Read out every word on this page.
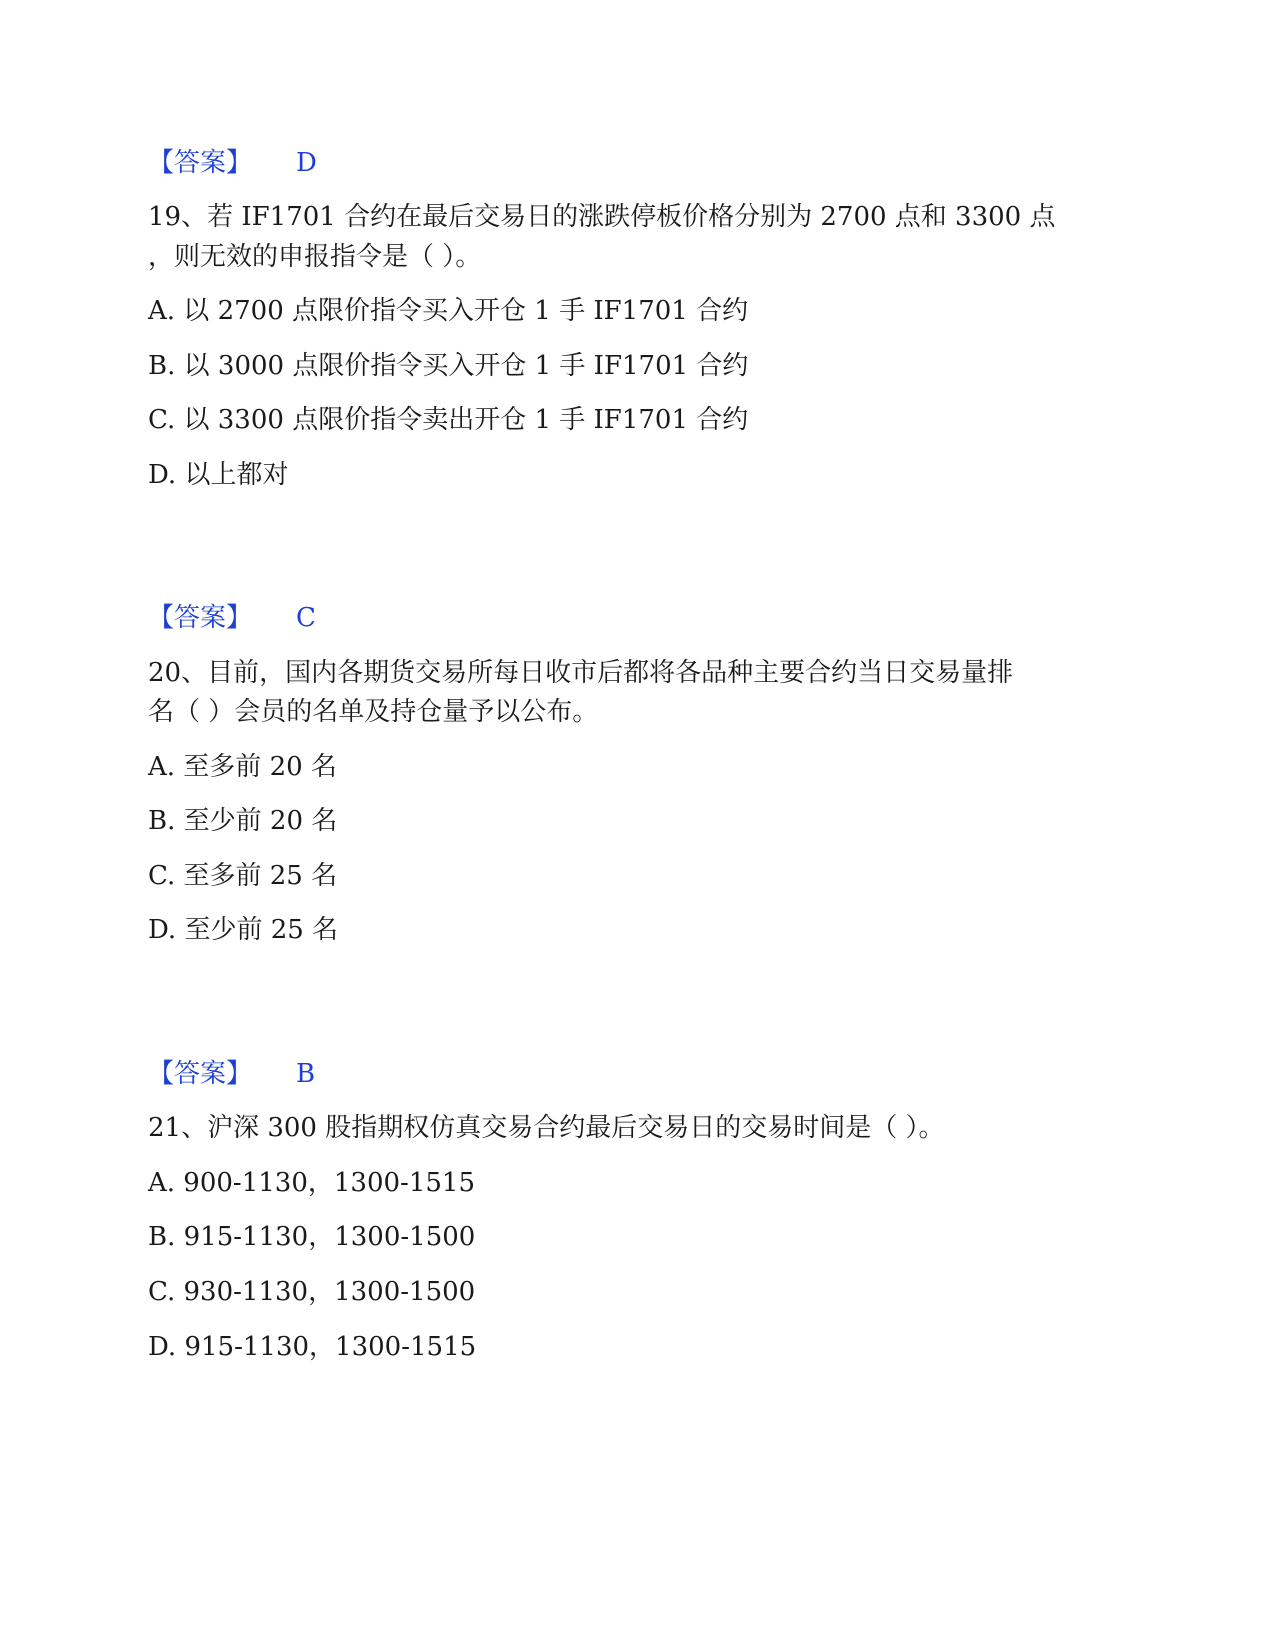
【答案】 D
19、若 IF1701 合约在最后交易日的涨跌停板价格分别为 2700 点和 3300 点
，则无效的申报指令是（ ）。
A. 以 2700 点限价指令买入开仓 1 手 IF1701 合约
B. 以 3000 点限价指令买入开仓 1 手 IF1701 合约
C. 以 3300 点限价指令卖出开仓 1 手 IF1701 合约
D. 以上都对
【答案】 C
20、目前，国内各期货交易所每日收市后都将各品种主要合约当日交易量排
名（ ）会员的名单及持仓量予以公布。
A. 至多前 20 名
B. 至少前 20 名
C. 至多前 25 名
D. 至少前 25 名
【答案】 B
21、沪深 300 股指期权仿真交易合约最后交易日的交易时间是（ ）。
A. 900-1130，1300-1515
B. 915-1130，1300-1500
C. 930-1130，1300-1500
D. 915-1130，1300-1515
